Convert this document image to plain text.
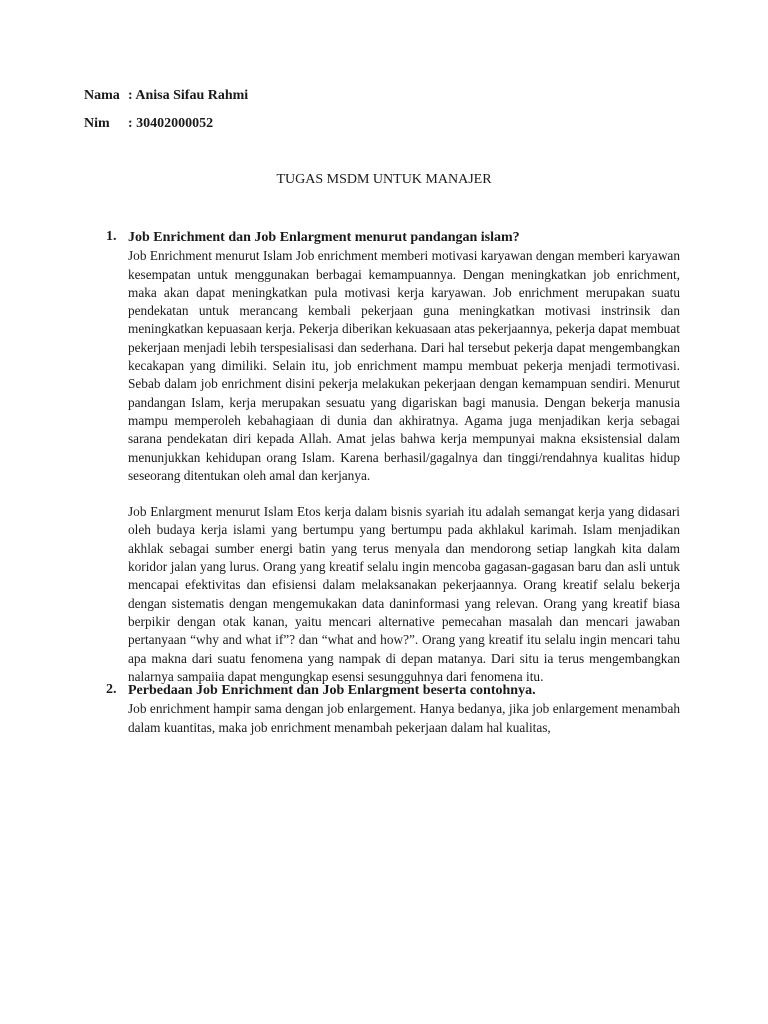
Nama : Anisa Sifau Rahmi
Nim : 30402000052
TUGAS MSDM UNTUK MANAJER
1. Job Enrichment dan Job Enlargment menurut pandangan islam?
Job Enrichment menurut Islam Job enrichment memberi motivasi karyawan dengan memberi karyawan kesempatan untuk menggunakan berbagai kemampuannya. Dengan meningkatkan job enrichment, maka akan dapat meningkatkan pula motivasi kerja karyawan. Job enrichment merupakan suatu pendekatan untuk merancang kembali pekerjaan guna meningkatkan motivasi instrinsik dan meningkatkan kepuasaan kerja. Pekerja diberikan kekuasaan atas pekerjaannya, pekerja dapat membuat pekerjaan menjadi lebih terspesialisasi dan sederhana. Dari hal tersebut pekerja dapat mengembangkan kecakapan yang dimiliki. Selain itu, job enrichment mampu membuat pekerja menjadi termotivasi. Sebab dalam job enrichment disini pekerja melakukan pekerjaan dengan kemampuan sendiri. Menurut pandangan Islam, kerja merupakan sesuatu yang digariskan bagi manusia. Dengan bekerja manusia mampu memperoleh kebahagiaan di dunia dan akhiratnya. Agama juga menjadikan kerja sebagai sarana pendekatan diri kepada Allah. Amat jelas bahwa kerja mempunyai makna eksistensial dalam menunjukkan kehidupan orang Islam. Karena berhasil/gagalnya dan tinggi/rendahnya kualitas hidup seseorang ditentukan oleh amal dan kerjanya.
Job Enlargment menurut Islam Etos kerja dalam bisnis syariah itu adalah semangat kerja yang didasari oleh budaya kerja islami yang bertumpu yang bertumpu pada akhlakul karimah. Islam menjadikan akhlak sebagai sumber energi batin yang terus menyala dan mendorong setiap langkah kita dalam koridor jalan yang lurus. Orang yang kreatif selalu ingin mencoba gagasan-gagasan baru dan asli untuk mencapai efektivitas dan efisiensi dalam melaksanakan pekerjaannya. Orang kreatif selalu bekerja dengan sistematis dengan mengemukakan data daninformasi yang relevan. Orang yang kreatif biasa berpikir dengan otak kanan, yaitu mencari alternative pemecahan masalah dan mencari jawaban pertanyaan “why and what if”? dan “what and how?”. Orang yang kreatif itu selalu ingin mencari tahu apa makna dari suatu fenomena yang nampak di depan matanya. Dari situ ia terus mengembangkan nalarnya sampaiia dapat mengungkap esensi sesungguhnya dari fenomena itu.
2. Perbedaan Job Enrichment dan Job Enlargment beserta contohnya.
Job enrichment hampir sama dengan job enlargement. Hanya bedanya, jika job enlargement menambah dalam kuantitas, maka job enrichment menambah pekerjaan dalam hal kualitas,
